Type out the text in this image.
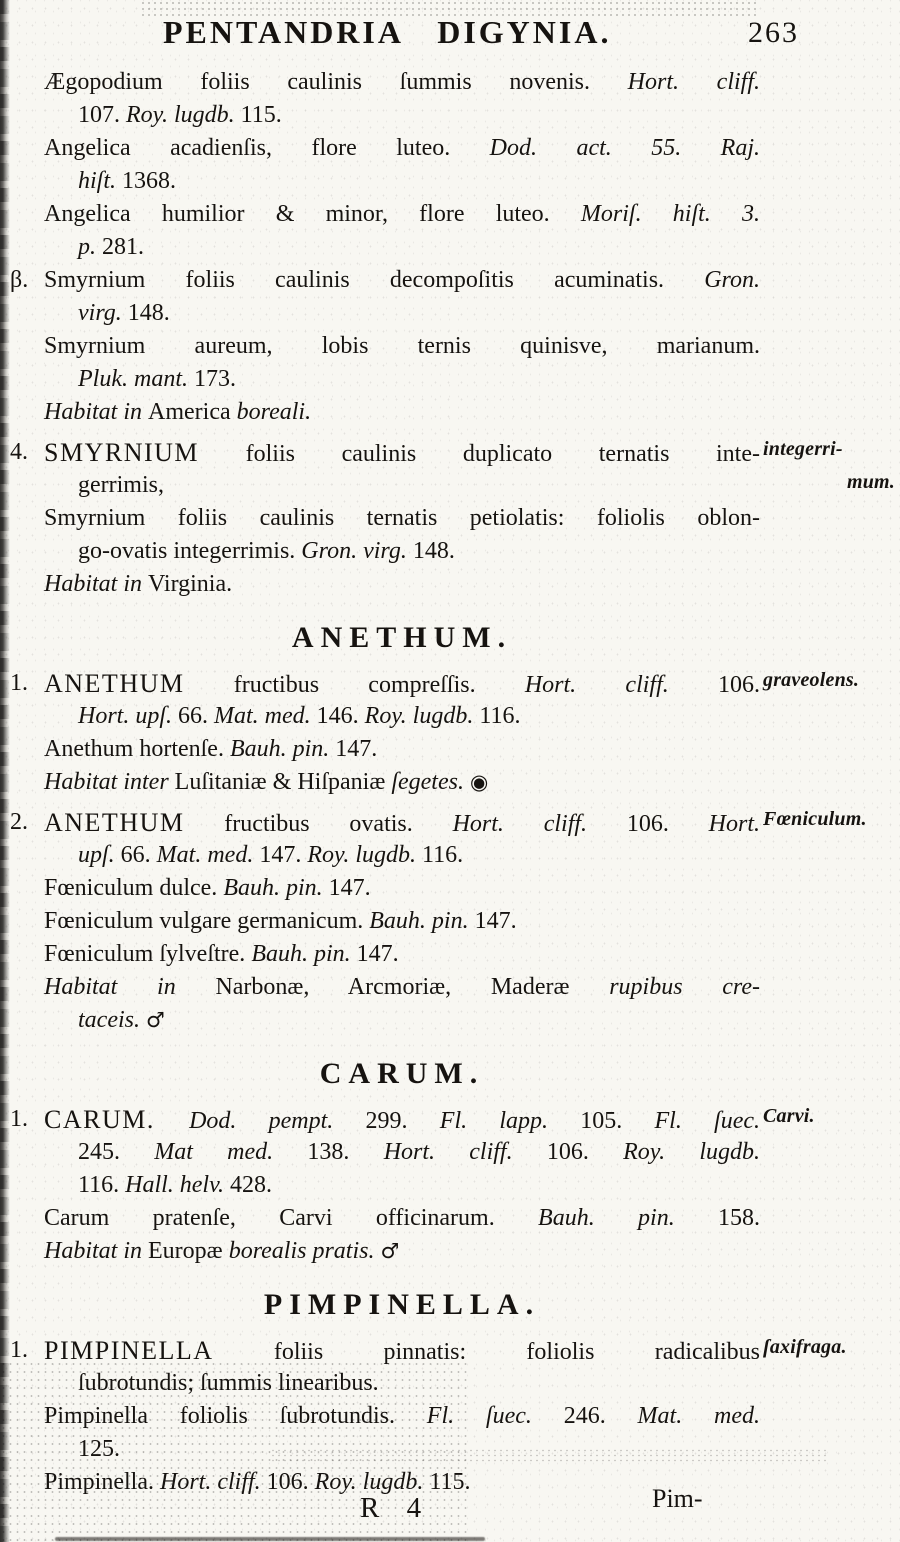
PENTANDRIA DIGYNIA.	263
Ægopodium foliis caulinis ſummis novenis. Hort. cliff.
107. Roy. lugdb. 115.
Angelica acadienſis, flore luteo. Dod. act. 55. Raj.
hiſt. 1368.
Angelica humilior & minor, flore luteo. Moriſ. hiſt. 3.
p. 281.
β. Smyrnium foliis caulinis decompoſitis acuminatis. Gron.
virg. 148.
Smyrnium aureum, lobis ternis quinisve, marianum.
Pluk. mant. 173.
Habitat in America boreali.
4. SMYRNIUM foliis caulinis duplicato ternatis inte- integerri-
gerrimis,	mum.
Smyrnium foliis caulinis ternatis petiolatis: foliolis oblon-
go-ovatis integerrimis. Gron. virg. 148.
Habitat in Virginia.
ANETHUM.
1. ANETHUM fructibus compreſſis. Hort. cliff. 106. graveolens.
Hort. upſ. 66. Mat. med. 146. Roy. lugdb. 116.
Anethum hortenſe. Bauh. pin. 147.
Habitat inter Luſitaniæ & Hiſpaniæ ſegetes. ◉
2. ANETHUM fructibus ovatis. Hort. cliff. 106. Hort. Fœniculum.
upſ. 66. Mat. med. 147. Roy. lugdb. 116.
Fœniculum dulce. Bauh. pin. 147.
Fœniculum vulgare germanicum. Bauh. pin. 147.
Fœniculum ſylveſtre. Bauh. pin. 147.
Habitat in Narbonæ, Arcmoriæ, Maderæ rupibus cre-
taceis. ♂
CARUM.
1. CARUM. Dod. pempt. 299. Fl. lapp. 105. Fl. ſuec. Carvi.
245. Mat med. 138. Hort. cliff. 106. Roy. lugdb.
116. Hall. helv. 428.
Carum pratenſe, Carvi officinarum. Bauh. pin. 158.
Habitat in Europæ borealis pratis. ♂
PIMPINELLA.
1. PIMPINELLA foliis pinnatis: foliolis radicalibus ſaxifraga.
ſubrotundis; ſummis linearibus.
Pimpinella foliolis ſubrotundis. Fl. ſuec. 246. Mat. med.
125.
Pimpinella. Hort. cliff. 106. Roy. lugdb. 115.
R 4	Pim-
